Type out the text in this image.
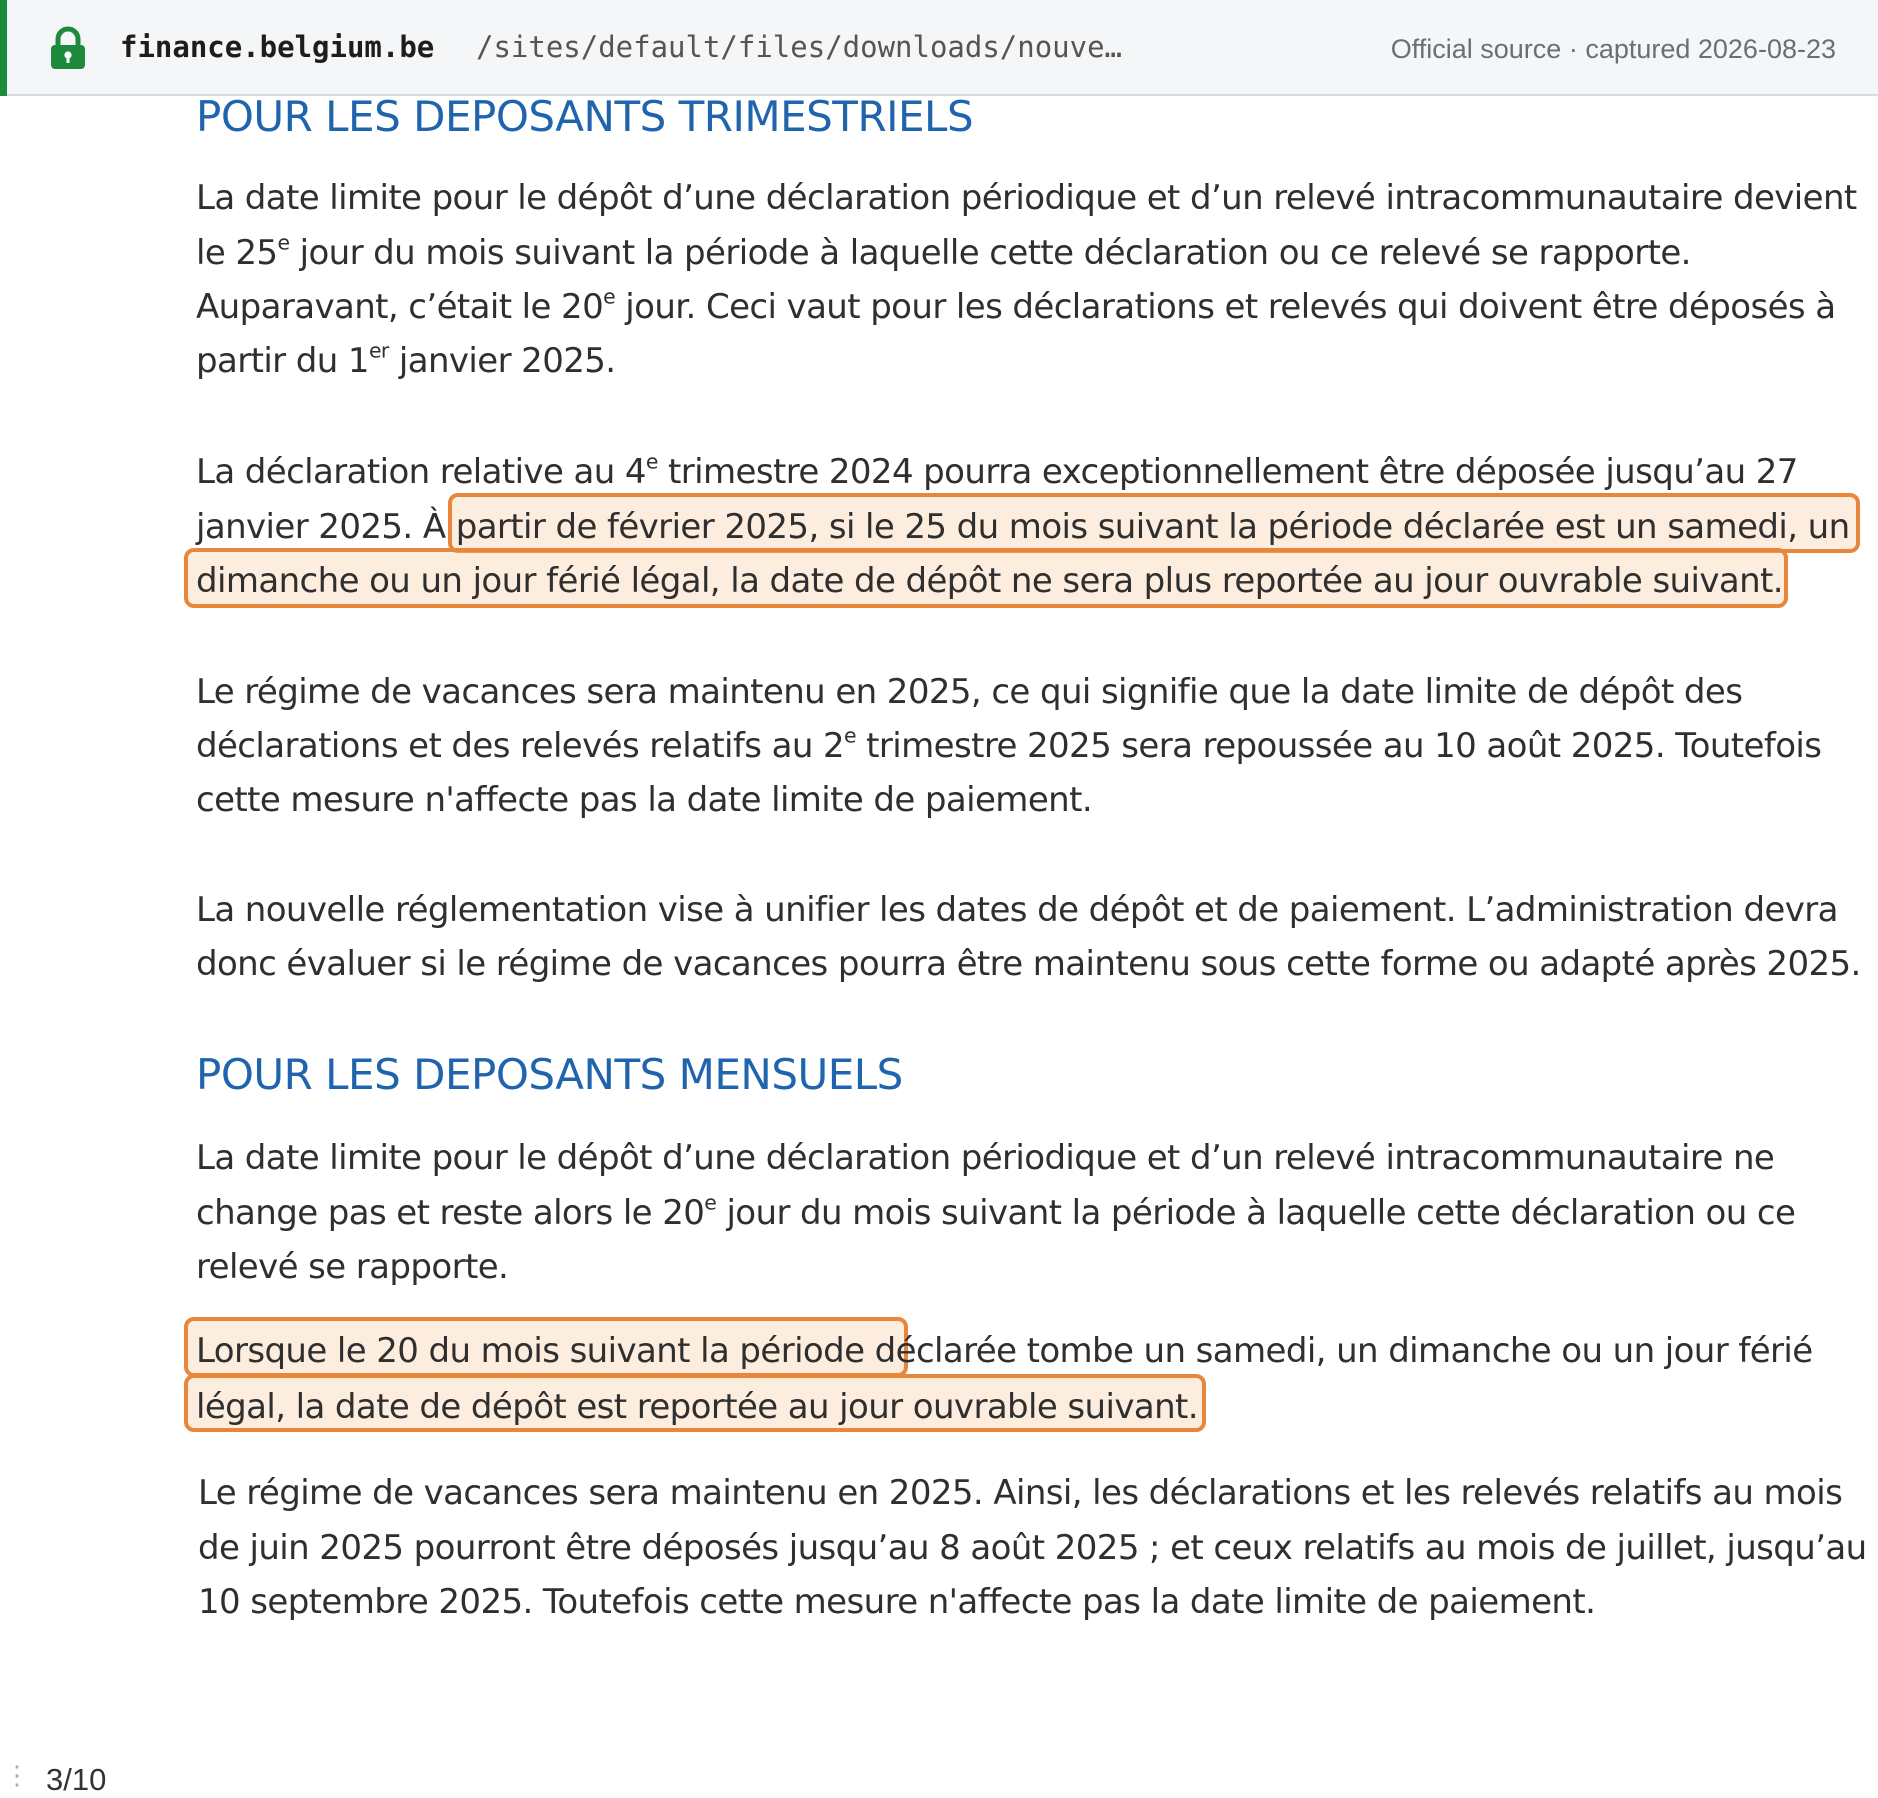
finance.belgium.be /sites/default/files/downloads/nouve…	Official source · captured 2026-08-23
POUR LES DEPOSANTS TRIMESTRIELS
La date limite pour le dépôt d’une déclaration périodique et d’un relevé intracommunautaire devient
le 25e jour du mois suivant la période à laquelle cette déclaration ou ce relevé se rapporte.
Auparavant, c’était le 20e jour. Ceci vaut pour les déclarations et relevés qui doivent être déposés à
partir du 1er janvier 2025.
La déclaration relative au 4e trimestre 2024 pourra exceptionnellement être déposée jusqu’au 27
janvier 2025. À partir de février 2025, si le 25 du mois suivant la période déclarée est un samedi, un
dimanche ou un jour férié légal, la date de dépôt ne sera plus reportée au jour ouvrable suivant.
Le régime de vacances sera maintenu en 2025, ce qui signifie que la date limite de dépôt des
déclarations et des relevés relatifs au 2e trimestre 2025 sera repoussée au 10 août 2025. Toutefois
cette mesure n'affecte pas la date limite de paiement.
La nouvelle réglementation vise à unifier les dates de dépôt et de paiement. L’administration devra
donc évaluer si le régime de vacances pourra être maintenu sous cette forme ou adapté après 2025.
POUR LES DEPOSANTS MENSUELS
La date limite pour le dépôt d’une déclaration périodique et d’un relevé intracommunautaire ne
change pas et reste alors le 20e jour du mois suivant la période à laquelle cette déclaration ou ce
relevé se rapporte.
Lorsque le 20 du mois suivant la période déclarée tombe un samedi, un dimanche ou un jour férié
légal, la date de dépôt est reportée au jour ouvrable suivant.
Le régime de vacances sera maintenu en 2025. Ainsi, les déclarations et les relevés relatifs au mois
de juin 2025 pourront être déposés jusqu’au 8 août 2025 ; et ceux relatifs au mois de juillet, jusqu’au
10 septembre 2025. Toutefois cette mesure n'affecte pas la date limite de paiement.
⋮ 3/10
